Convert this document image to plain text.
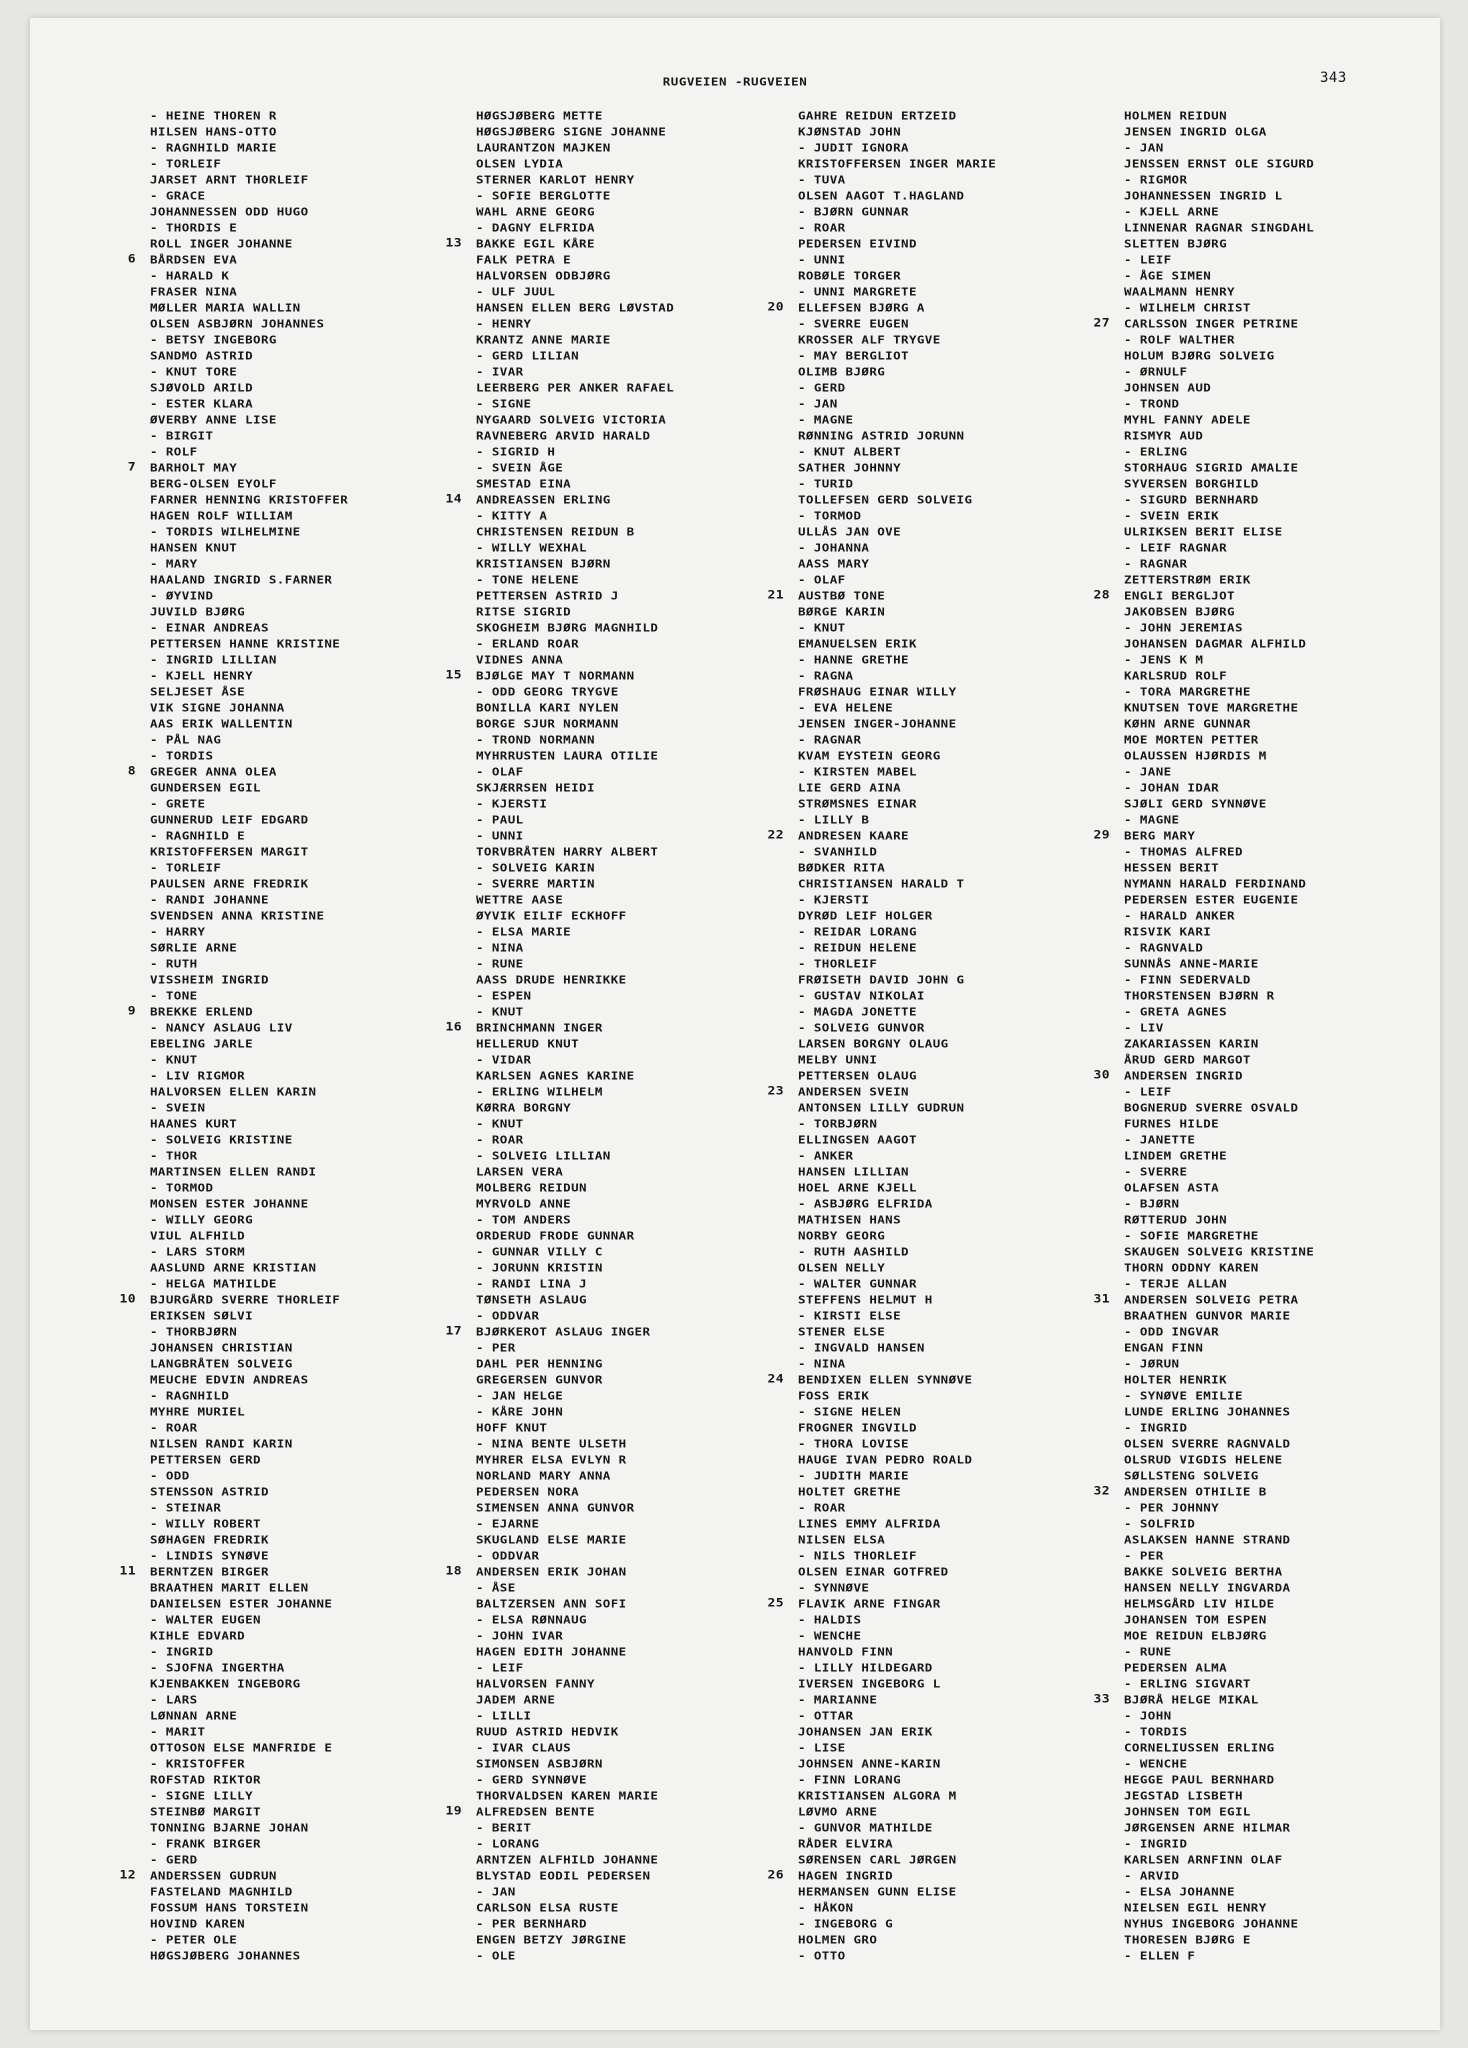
RUGVEIEN -RUGVEIEN	343
- HEINE THOREN R
HILSEN HANS-OTTO
- RAGNHILD MARIE
- TORLEIF
JARSET ARNT THORLEIF
- GRACE
JOHANNESSEN ODD HUGO
- THORDIS E
ROLL INGER JOHANNE
6 BÅRDSEN EVA
- HARALD K
FRASER NINA
MØLLER MARIA WALLIN
OLSEN ASBJØRN JOHANNES
- BETSY INGEBORG
SANDMO ASTRID
- KNUT TORE
SJØVOLD ARILD
- ESTER KLARA
ØVERBY ANNE LISE
- BIRGIT
- ROLF
7 BARHOLT MAY
BERG-OLSEN EYOLF
FARNER HENNING KRISTOFFER
HAGEN ROLF WILLIAM
- TORDIS WILHELMINE
HANSEN KNUT
- MARY
HAALAND INGRID S.FARNER
- ØYVIND
JUVILD BJØRG
- EINAR ANDREAS
PETTERSEN HANNE KRISTINE
- INGRID LILLIAN
- KJELL HENRY
SELJESET ÅSE
VIK SIGNE JOHANNA
AAS ERIK WALLENTIN
- PÅL NAG
- TORDIS
8 GREGER ANNA OLEA
GUNDERSEN EGIL
- GRETE
GUNNERUD LEIF EDGARD
- RAGNHILD E
KRISTOFFERSEN MARGIT
- TORLEIF
PAULSEN ARNE FREDRIK
- RANDI JOHANNE
SVENDSEN ANNA KRISTINE
- HARRY
SØRLIE ARNE
- RUTH
VISSHEIM INGRID
- TONE
9 BREKKE ERLEND
- NANCY ASLAUG LIV
EBELING JARLE
- KNUT
- LIV RIGMOR
HALVORSEN ELLEN KARIN
- SVEIN
HAANES KURT
- SOLVEIG KRISTINE
- THOR
MARTINSEN ELLEN RANDI
- TORMOD
MONSEN ESTER JOHANNE
- WILLY GEORG
VIUL ALFHILD
- LARS STORM
AASLUND ARNE KRISTIAN
- HELGA MATHILDE
10 BJURGÅRD SVERRE THORLEIF
ERIKSEN SØLVI
- THORBJØRN
JOHANSEN CHRISTIAN
LANGBRÅTEN SOLVEIG
MEUCHE EDVIN ANDREAS
- RAGNHILD
MYHRE MURIEL
- ROAR
NILSEN RANDI KARIN
PETTERSEN GERD
- ODD
STENSSON ASTRID
- STEINAR
- WILLY ROBERT
SØHAGEN FREDRIK
- LINDIS SYNØVE
11 BERNTZEN BIRGER
BRAATHEN MARIT ELLEN
DANIELSEN ESTER JOHANNE
- WALTER EUGEN
KIHLE EDVARD
- INGRID
- SJOFNA INGERTHA
KJENBAKKEN INGEBORG
- LARS
LØNNAN ARNE
- MARIT
OTTOSON ELSE MANFRIDE E
- KRISTOFFER
ROFSTAD RIKTOR
- SIGNE LILLY
STEINBØ MARGIT
TONNING BJARNE JOHAN
- FRANK BIRGER
- GERD
12 ANDERSSEN GUDRUN
FASTELAND MAGNHILD
FOSSUM HANS TORSTEIN
HOVIND KAREN
- PETER OLE
HØGSJØBERG JOHANNES
HØGSJØBERG METTE
HØGSJØBERG SIGNE JOHANNE
LAURANTZON MAJKEN
OLSEN LYDIA
STERNER KARLOT HENRY
- SOFIE BERGLOTTE
WAHL ARNE GEORG
- DAGNY ELFRIDA
13 BAKKE EGIL KÅRE
FALK PETRA E
HALVORSEN ODBJØRG
- ULF JUUL
HANSEN ELLEN BERG LØVSTAD
- HENRY
KRANTZ ANNE MARIE
- GERD LILIAN
- IVAR
LEERBERG PER ANKER RAFAEL
- SIGNE
NYGAARD SOLVEIG VICTORIA
RAVNEBERG ARVID HARALD
- SIGRID H
- SVEIN ÅGE
SMESTAD EINA
14 ANDREASSEN ERLING
- KITTY A
CHRISTENSEN REIDUN B
- WILLY WEXHAL
KRISTIANSEN BJØRN
- TONE HELENE
PETTERSEN ASTRID J
RITSE SIGRID
SKOGHEIM BJØRG MAGNHILD
- ERLAND ROAR
VIDNES ANNA
15 BJØLGE MAY T NORMANN
- ODD GEORG TRYGVE
BONILLA KARI NYLEN
BORGE SJUR NORMANN
- TROND NORMANN
MYHRRUSTEN LAURA OTILIE
- OLAF
SKJÆRRSEN HEIDI
- KJERSTI
- PAUL
- UNNI
TORVBRÅTEN HARRY ALBERT
- SOLVEIG KARIN
- SVERRE MARTIN
WETTRE AASE
ØYVIK EILIF ECKHOFF
- ELSA MARIE
- NINA
- RUNE
AASS DRUDE HENRIKKE
- ESPEN
- KNUT
16 BRINCHMANN INGER
HELLERUD KNUT
- VIDAR
KARLSEN AGNES KARINE
- ERLING WILHELM
KØRRA BORGNY
- KNUT
- ROAR
- SOLVEIG LILLIAN
LARSEN VERA
MOLBERG REIDUN
MYRVOLD ANNE
- TOM ANDERS
ORDERUD FRODE GUNNAR
- GUNNAR VILLY C
- JORUNN KRISTIN
- RANDI LINA J
TØNSETH ASLAUG
- ODDVAR
17 BJØRKEROT ASLAUG INGER
- PER
DAHL PER HENNING
GREGERSEN GUNVOR
- JAN HELGE
- KÅRE JOHN
HOFF KNUT
- NINA BENTE ULSETH
MYHRER ELSA EVLYN R
NORLAND MARY ANNA
PEDERSEN NORA
SIMENSEN ANNA GUNVOR
- EJARNE
SKUGLAND ELSE MARIE
- ODDVAR
18 ANDERSEN ERIK JOHAN
- ÅSE
BALTZERSEN ANN SOFI
- ELSA RØNNAUG
- JOHN IVAR
HAGEN EDITH JOHANNE
- LEIF
HALVORSEN FANNY
JADEM ARNE
- LILLI
RUUD ASTRID HEDVIK
- IVAR CLAUS
SIMONSEN ASBJØRN
- GERD SYNNØVE
THORVALDSEN KAREN MARIE
19 ALFREDSEN BENTE
- BERIT
- LORANG
ARNTZEN ALFHILD JOHANNE
BLYSTAD EODIL PEDERSEN
- JAN
CARLSON ELSA RUSTE
- PER BERNHARD
ENGEN BETZY JØRGINE
- OLE
GAHRE REIDUN ERTZEID
KJØNSTAD JOHN
- JUDIT IGNORA
KRISTOFFERSEN INGER MARIE
- TUVA
OLSEN AAGOT T.HAGLAND
- BJØRN GUNNAR
- ROAR
PEDERSEN EIVIND
- UNNI
ROBØLE TORGER
- UNNI MARGRETE
20 ELLEFSEN BJØRG A
- SVERRE EUGEN
KROSSER ALF TRYGVE
- MAY BERGLIOT
OLIMB BJØRG
- GERD
- JAN
- MAGNE
RØNNING ASTRID JORUNN
- KNUT ALBERT
SATHER JOHNNY
- TURID
TOLLEFSEN GERD SOLVEIG
- TORMOD
ULLÅS JAN OVE
- JOHANNA
AASS MARY
- OLAF
21 AUSTBØ TONE
BØRGE KARIN
- KNUT
EMANUELSEN ERIK
- HANNE GRETHE
- RAGNA
FRØSHAUG EINAR WILLY
- EVA HELENE
JENSEN INGER-JOHANNE
- RAGNAR
KVAM EYSTEIN GEORG
- KIRSTEN MABEL
LIE GERD AINA
STRØMSNES EINAR
- LILLY B
22 ANDRESEN KAARE
- SVANHILD
BØDKER RITA
CHRISTIANSEN HARALD T
- KJERSTI
DYRØD LEIF HOLGER
- REIDAR LORANG
- REIDUN HELENE
- THORLEIF
FRØISETH DAVID JOHN G
- GUSTAV NIKOLAI
- MAGDA JONETTE
- SOLVEIG GUNVOR
LARSEN BORGNY OLAUG
MELBY UNNI
PETTERSEN OLAUG
23 ANDERSEN SVEIN
ANTONSEN LILLY GUDRUN
- TORBJØRN
ELLINGSEN AAGOT
- ANKER
HANSEN LILLIAN
HOEL ARNE KJELL
- ASBJØRG ELFRIDA
MATHISEN HANS
NORBY GEORG
- RUTH AASHILD
OLSEN NELLY
- WALTER GUNNAR
STEFFENS HELMUT H
- KIRSTI ELSE
STENER ELSE
- INGVALD HANSEN
- NINA
24 BENDIXEN ELLEN SYNNØVE
FOSS ERIK
- SIGNE HELEN
FROGNER INGVILD
- THORA LOVISE
HAUGE IVAN PEDRO ROALD
- JUDITH MARIE
HOLTET GRETHE
- ROAR
LINES EMMY ALFRIDA
NILSEN ELSA
- NILS THORLEIF
OLSEN EINAR GOTFRED
- SYNNØVE
25 FLAVIK ARNE FINGAR
- HALDIS
- WENCHE
HANVOLD FINN
- LILLY HILDEGARD
IVERSEN INGEBORG L
- MARIANNE
- OTTAR
JOHANSEN JAN ERIK
- LISE
JOHNSEN ANNE-KARIN
- FINN LORANG
KRISTIANSEN ALGORA M
LØVMO ARNE
- GUNVOR MATHILDE
RÅDER ELVIRA
SØRENSEN CARL JØRGEN
26 HAGEN INGRID
HERMANSEN GUNN ELISE
- HÅKON
- INGEBORG G
HOLMEN GRO
- OTTO
HOLMEN REIDUN
JENSEN INGRID OLGA
- JAN
JENSSEN ERNST OLE SIGURD
- RIGMOR
JOHANNESSEN INGRID L
- KJELL ARNE
LINNENAR RAGNAR SINGDAHL
SLETTEN BJØRG
- LEIF
- ÅGE SIMEN
WAALMANN HENRY
- WILHELM CHRIST
27 CARLSSON INGER PETRINE
- ROLF WALTHER
HOLUM BJØRG SOLVEIG
- ØRNULF
JOHNSEN AUD
- TROND
MYHL FANNY ADELE
RISMYR AUD
- ERLING
STORHAUG SIGRID AMALIE
SYVERSEN BORGHILD
- SIGURD BERNHARD
- SVEIN ERIK
ULRIKSEN BERIT ELISE
- LEIF RAGNAR
- RAGNAR
ZETTERSTRØM ERIK
28 ENGLI BERGLJOT
JAKOBSEN BJØRG
- JOHN JEREMIAS
JOHANSEN DAGMAR ALFHILD
- JENS K M
KARLSRUD ROLF
- TORA MARGRETHE
KNUTSEN TOVE MARGRETHE
KØHN ARNE GUNNAR
MOE MORTEN PETTER
OLAUSSEN HJØRDIS M
- JANE
- JOHAN IDAR
SJØLI GERD SYNNØVE
- MAGNE
29 BERG MARY
- THOMAS ALFRED
HESSEN BERIT
NYMANN HARALD FERDINAND
PEDERSEN ESTER EUGENIE
- HARALD ANKER
RISVIK KARI
- RAGNVALD
SUNNÅS ANNE-MARIE
- FINN SEDERVALD
THORSTENSEN BJØRN R
- GRETA AGNES
- LIV
ZAKARIASSEN KARIN
ÅRUD GERD MARGOT
30 ANDERSEN INGRID
- LEIF
BOGNERUD SVERRE OSVALD
FURNES HILDE
- JANETTE
LINDEM GRETHE
- SVERRE
OLAFSEN ASTA
- BJØRN
RØTTERUD JOHN
- SOFIE MARGRETHE
SKAUGEN SOLVEIG KRISTINE
THORN ODDNY KAREN
- TERJE ALLAN
31 ANDERSEN SOLVEIG PETRA
BRAATHEN GUNVOR MARIE
- ODD INGVAR
ENGAN FINN
- JØRUN
HOLTER HENRIK
- SYNØVE EMILIE
LUNDE ERLING JOHANNES
- INGRID
OLSEN SVERRE RAGNVALD
OLSRUD VIGDIS HELENE
SØLLSTENG SOLVEIG
32 ANDERSEN OTHILIE B
- PER JOHNNY
- SOLFRID
ASLAKSEN HANNE STRAND
- PER
BAKKE SOLVEIG BERTHA
HANSEN NELLY INGVARDA
HELMSGÅRD LIV HILDE
JOHANSEN TOM ESPEN
MOE REIDUN ELBJØRG
- RUNE
PEDERSEN ALMA
- ERLING SIGVART
33 BJØRÅ HELGE MIKAL
- JOHN
- TORDIS
CORNELIUSSEN ERLING
- WENCHE
HEGGE PAUL BERNHARD
JEGSTAD LISBETH
JOHNSEN TOM EGIL
JØRGENSEN ARNE HILMAR
- INGRID
KARLSEN ARNFINN OLAF
- ARVID
- ELSA JOHANNE
NIELSEN EGIL HENRY
NYHUS INGEBORG JOHANNE
THORESEN BJØRG E
- ELLEN F
